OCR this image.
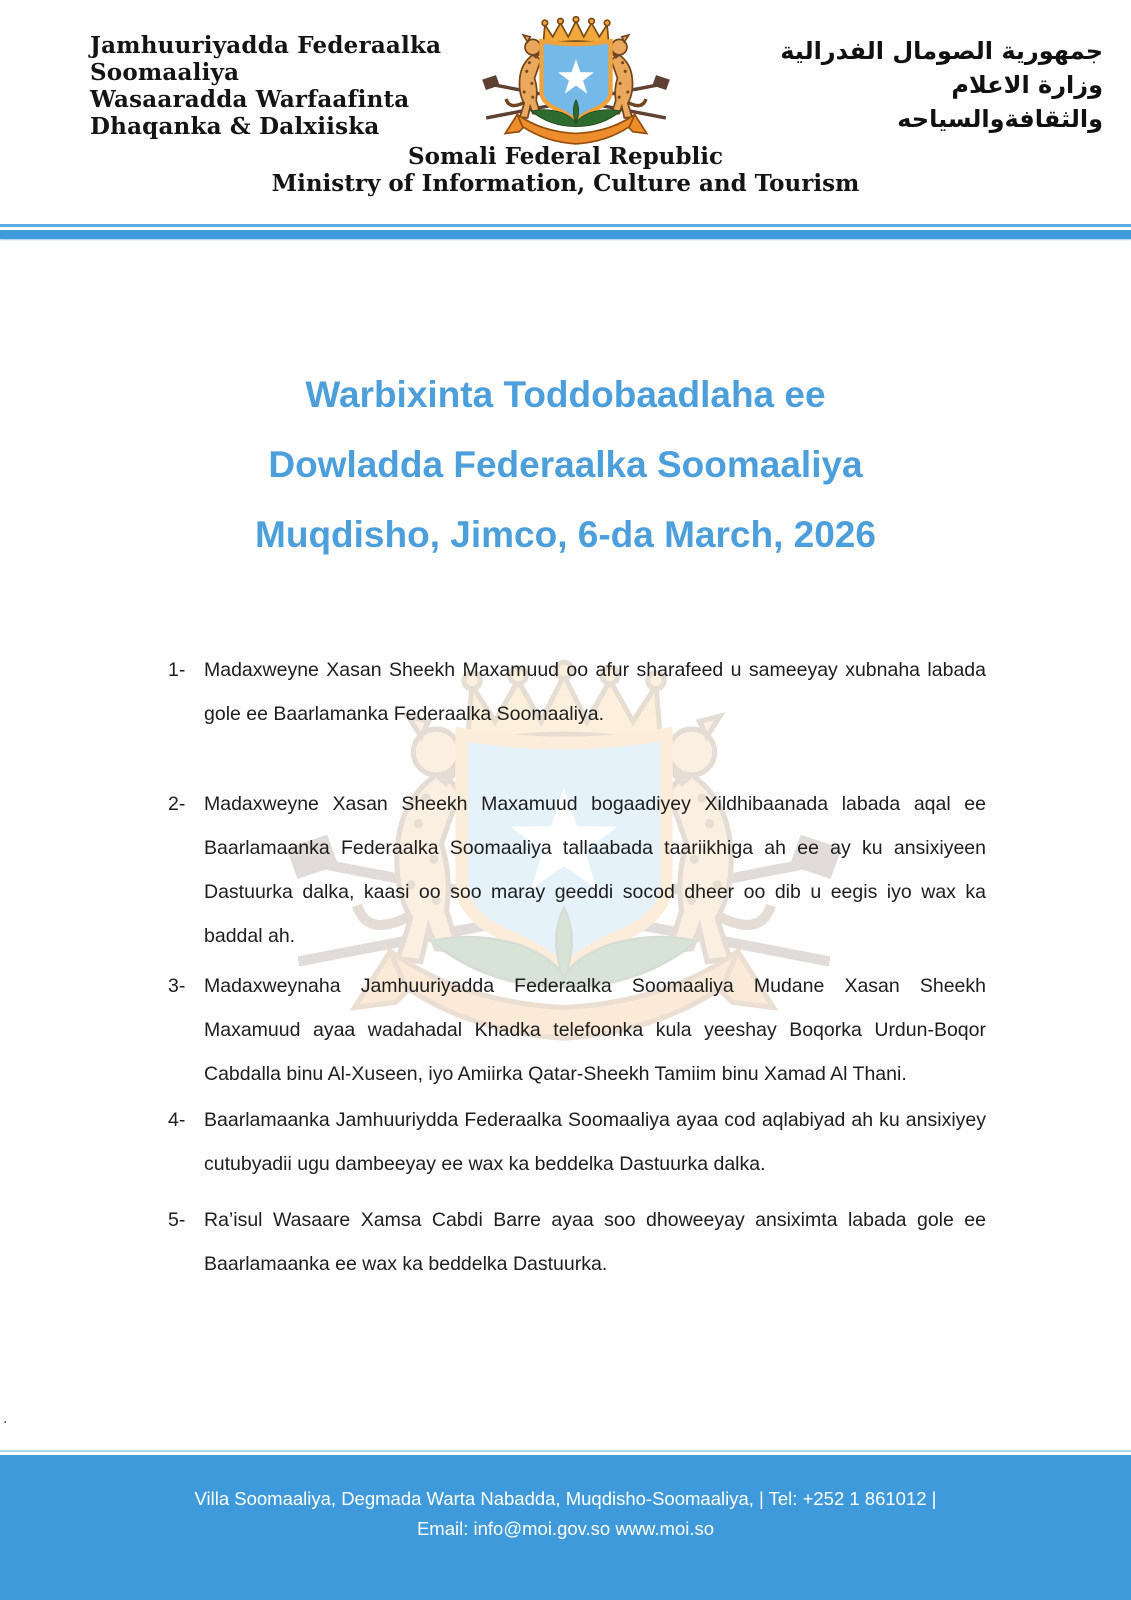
Jamhuuriyadda Federaalka
Soomaaliya
Wasaaradda Warfaafinta
Dhaqanka & Dalxiiska
جمهورية الصومال الفدرالية
وزارة الاعلام
والثقافةوالسياحه
Somali Federal Republic
Ministry of Information, Culture and Tourism
Warbixinta Toddobaadlaha ee
Dowladda Federaalka Soomaaliya
Muqdisho, Jimco, 6-da March, 2026
1- Madaxweyne Xasan Sheekh Maxamuud oo afur sharafeed u sameeyay xubnaha labada gole ee Baarlamanka Federaalka Soomaaliya.

2- Madaxweyne Xasan Sheekh Maxamuud bogaadiyey Xildhibaanada labada aqal ee Baarlamaanka Federaalka Soomaaliya tallaabada taariikhiga ah ee ay ku ansixiyeen Dastuurka dalka, kaasi oo soo maray geeddi socod dheer oo dib u eegis iyo wax ka baddal ah.

3- Madaxweynaha Jamhuuriyadda Federaalka Soomaaliya Mudane Xasan Sheekh Maxamuud ayaa wadahadal Khadka telefoonka kula yeeshay Boqorka Urdun-Boqor Cabdalla binu Al-Xuseen, iyo Amiirka Qatar-Sheekh Tamiim binu Xamad Al Thani.

4- Baarlamaanka Jamhuuriydda Federaalka Soomaaliya ayaa cod aqlabiyad ah ku ansixiyey cutubyadii ugu dambeeyay ee wax ka beddelka Dastuurka dalka.

5- Ra’isul Wasaare Xamsa Cabdi Barre ayaa soo dhoweeyay ansiximta labada gole ee Baarlamaanka ee wax ka beddelka Dastuurka.

.
Villa Soomaaliya, Degmada Warta Nabadda, Muqdisho-Soomaaliya, | Tel: +252 1 861012 |
Email: info@moi.gov.so www.moi.so
